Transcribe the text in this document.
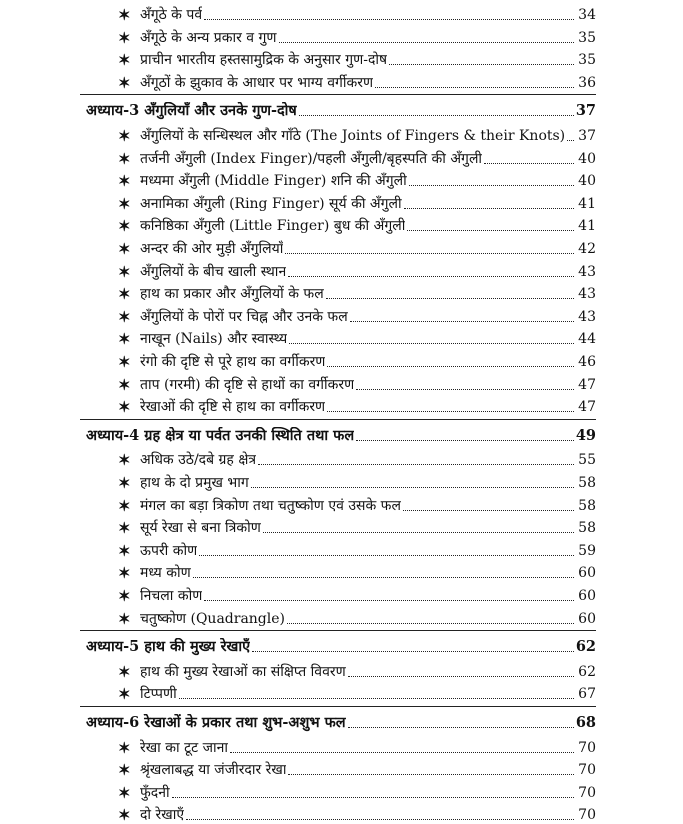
✶ अँगूठे के पर्व	34
✶ अँगूठे के अन्य प्रकार व गुण	35
✶ प्राचीन भारतीय हस्तसामुद्रिक के अनुसार गुण-दोष	35
✶ अँगूठों के झुकाव के आधार पर भाग्य वर्गीकरण	36
अध्याय-3 अँगुलियाँ और उनके गुण-दोष	37
✶ अँगुलियों के सन्धिस्थल और गाँठे (The Joints of Fingers & their Knots) 37
✶ तर्जनी अँगुली (Index Finger)/पहली अँगुली/बृहस्पति की अँगुली	40
✶ मध्यमा अँगुली (Middle Finger) शनि की अँगुली	40
✶ अनामिका अँगुली (Ring Finger) सूर्य की अँगुली	41
✶ कनिष्ठिका अँगुली (Little Finger) बुध की अँगुली	41
✶ अन्दर की ओर मुड़ी अँगुलियाँ	42
✶ अँगुलियों के बीच खाली स्थान	43
✶ हाथ का प्रकार और अँगुलियों के फल	43
✶ अँगुलियों के पोरों पर चिह्न और उनके फल	43
✶ नाखून (Nails) और स्वास्थ्य	44
✶ रंगो की दृष्टि से पूरे हाथ का वर्गीकरण	46
✶ ताप (गरमी) की दृष्टि से हाथों का वर्गीकरण	47
✶ रेखाओं की दृष्टि से हाथ का वर्गीकरण	47
अध्याय-4 ग्रह क्षेत्र या पर्वत उनकी स्थिति तथा फल	49
✶ अधिक उठे/दबे ग्रह क्षेत्र	55
✶ हाथ के दो प्रमुख भाग	58
✶ मंगल का बड़ा त्रिकोण तथा चतुष्कोण एवं उसके फल	58
✶ सूर्य रेखा से बना त्रिकोण	58
✶ ऊपरी कोण	59
✶ मध्य कोण	60
✶ निचला कोण	60
✶ चतुष्कोण (Quadrangle)	60
अध्याय-5 हाथ की मुख्य रेखाएँ	62
✶ हाथ की मुख्य रेखाओं का संक्षिप्त विवरण	62
✶ टिप्पणी	67
अध्याय-6 रेखाओं के प्रकार तथा शुभ-अशुभ फल	68
✶ रेखा का टूट जाना	70
✶ श्रृंखलाबद्ध या जंजीरदार रेखा	70
✶ फुँदनी	70
✶ दो रेखाएँ	70
